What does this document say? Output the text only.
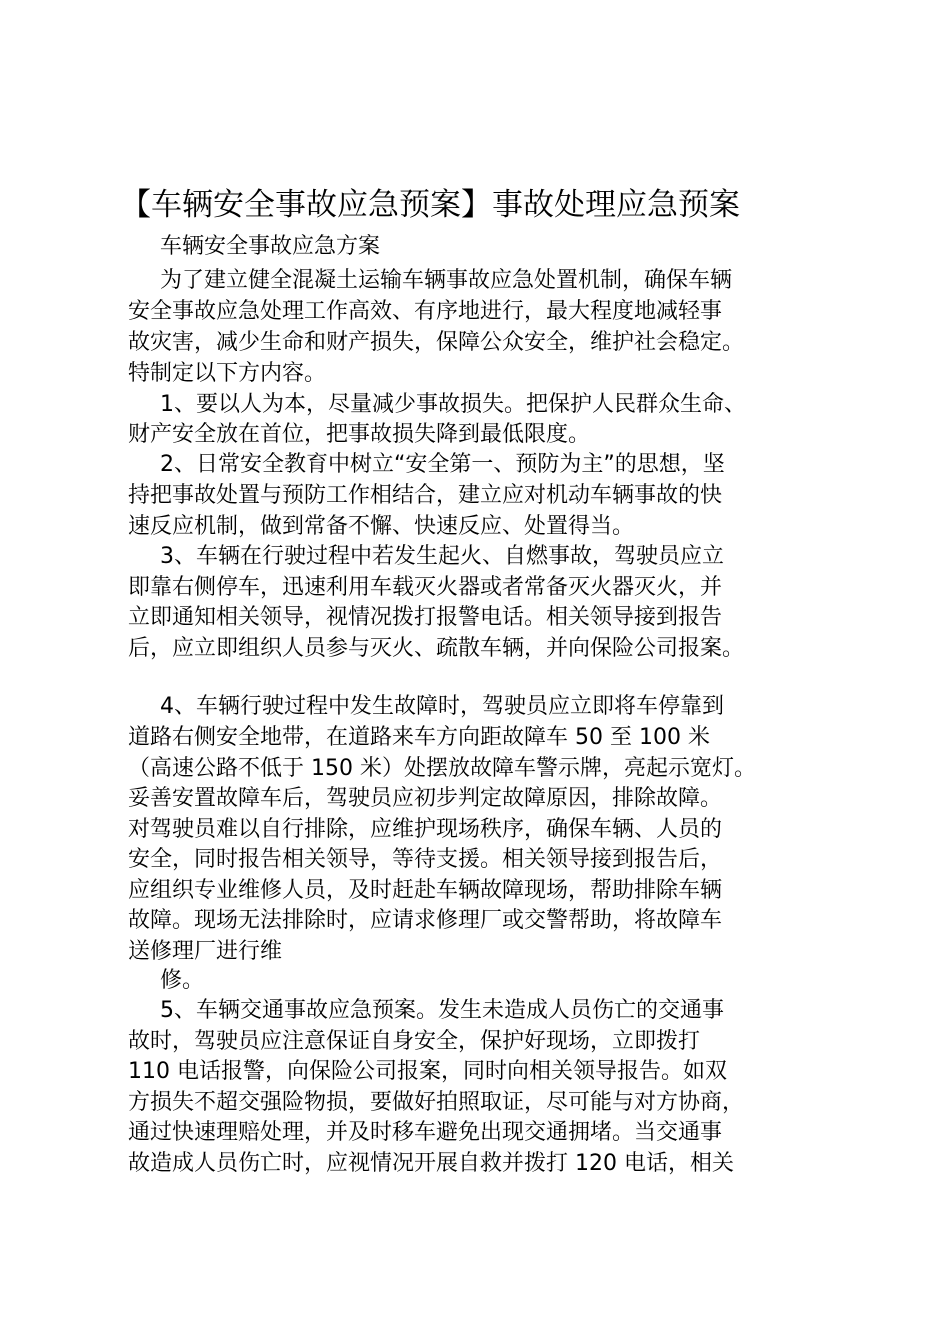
【车辆安全事故应急预案】事故处理应急预案
车辆安全事故应急方案
为了建立健全混凝土运输车辆事故应急处置机制，确保车辆
安全事故应急处理工作高效、有序地进行，最大程度地减轻事
故灾害，减少生命和财产损失，保障公众安全，维护社会稳定。
特制定以下方内容。
1、要以人为本，尽量减少事故损失。把保护人民群众生命、
财产安全放在首位，把事故损失降到最低限度。
2、日常安全教育中树立“安全第一、预防为主”的思想，坚
持把事故处置与预防工作相结合，建立应对机动车辆事故的快
速反应机制，做到常备不懈、快速反应、处置得当。
3、车辆在行驶过程中若发生起火、自燃事故，驾驶员应立
即靠右侧停车，迅速利用车载灭火器或者常备灭火器灭火，并
立即通知相关领导，视情况拨打报警电话。相关领导接到报告
后，应立即组织人员参与灭火、疏散车辆，并向保险公司报案。
4、车辆行驶过程中发生故障时，驾驶员应立即将车停靠到
道路右侧安全地带，在道路来车方向距故障车 50 至 100 米
（高速公路不低于 150 米）处摆放故障车警示牌，亮起示宽灯。
妥善安置故障车后，驾驶员应初步判定故障原因，排除故障。
对驾驶员难以自行排除，应维护现场秩序，确保车辆、人员的
安全，同时报告相关领导，等待支援。相关领导接到报告后，
应组织专业维修人员，及时赶赴车辆故障现场，帮助排除车辆
故障。现场无法排除时，应请求修理厂或交警帮助，将故障车
送修理厂进行维
修。
5、车辆交通事故应急预案。发生未造成人员伤亡的交通事
故时，驾驶员应注意保证自身安全，保护好现场，立即拨打
110 电话报警，向保险公司报案，同时向相关领导报告。如双
方损失不超交强险物损，要做好拍照取证，尽可能与对方协商，
通过快速理赔处理，并及时移车避免出现交通拥堵。当交通事
故造成人员伤亡时，应视情况开展自救并拨打 120 电话，相关
